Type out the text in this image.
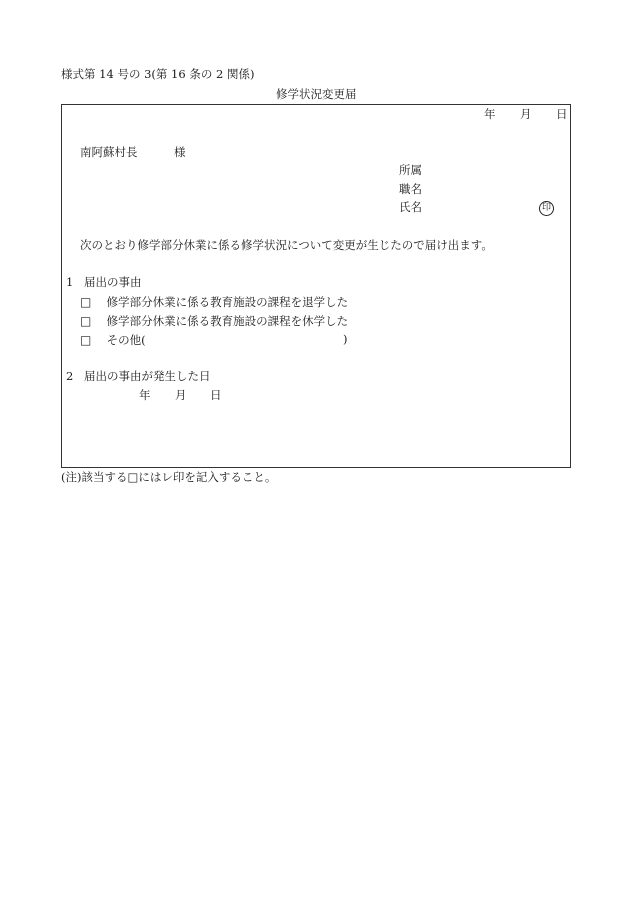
様式第 14 号の 3(第 16 条の 2 関係)
修学状況変更届
年 月 日
南阿蘇村長	様
所属
職名
氏名	印
次のとおり修学部分休業に係る修学状況について変更が生じたので届け出ます。
1 届出の事由
□ 修学部分休業に係る教育施設の課程を退学した
□ 修学部分休業に係る教育施設の課程を休学した
□ その他(	)
2 届出の事由が発生した日
年 月 日
(注)該当する□にはレ印を記入すること。
